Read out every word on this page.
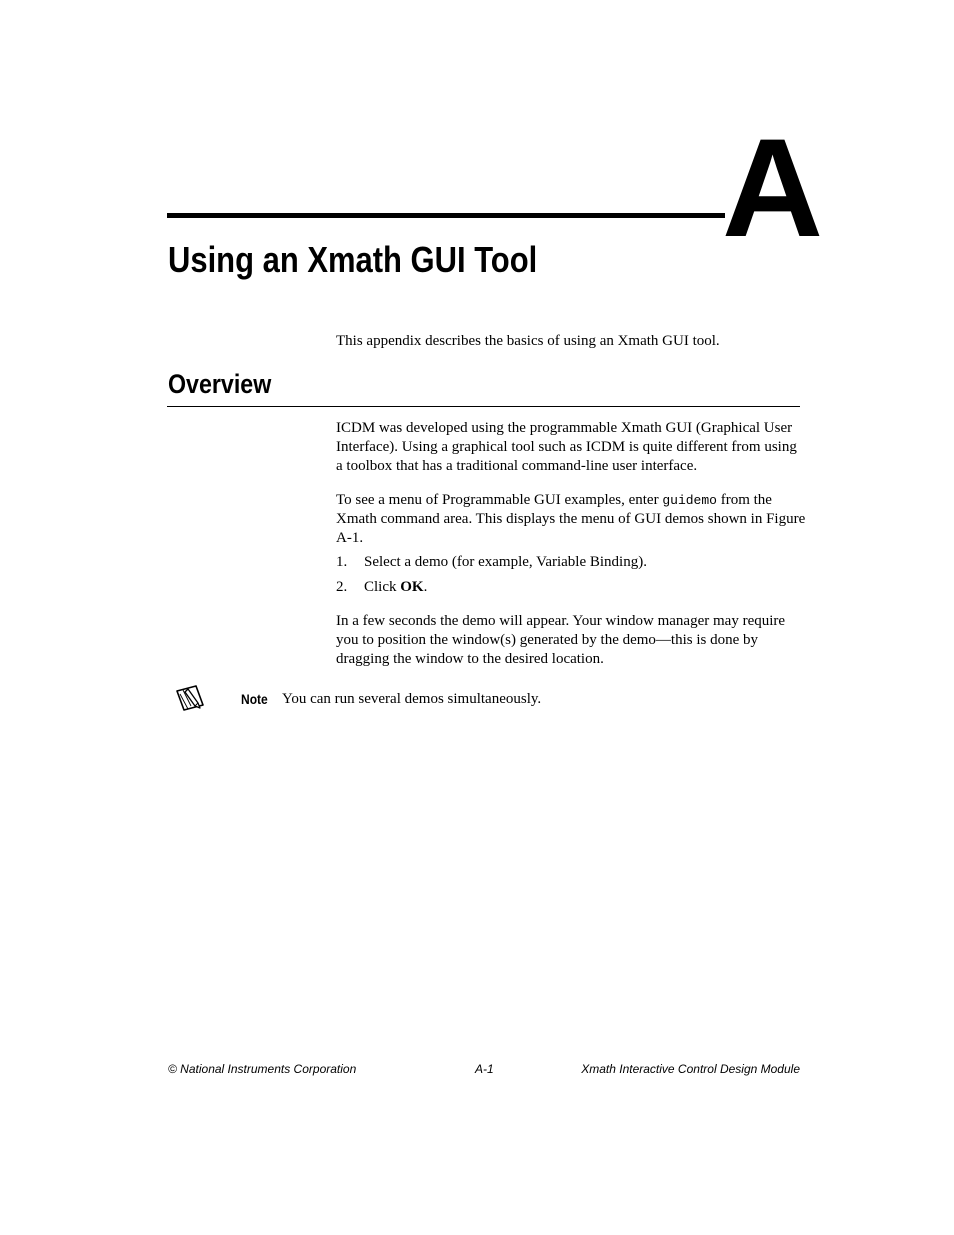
A
Using an Xmath GUI Tool

This appendix describes the basics of using an Xmath GUI tool.

Overview

ICDM was developed using the programmable Xmath GUI (Graphical User Interface). Using a graphical tool such as ICDM is quite different from using a toolbox that has a traditional command-line user interface.

To see a menu of Programmable GUI examples, enter guidemo from the Xmath command area. This displays the menu of GUI demos shown in Figure A-1.

1. Select a demo (for example, Variable Binding).
2. Click OK.

In a few seconds the demo will appear. Your window manager may require you to position the window(s) generated by the demo—this is done by dragging the window to the desired location.

Note You can run several demos simultaneously.
© National Instruments Corporation	A-1	Xmath Interactive Control Design Module
